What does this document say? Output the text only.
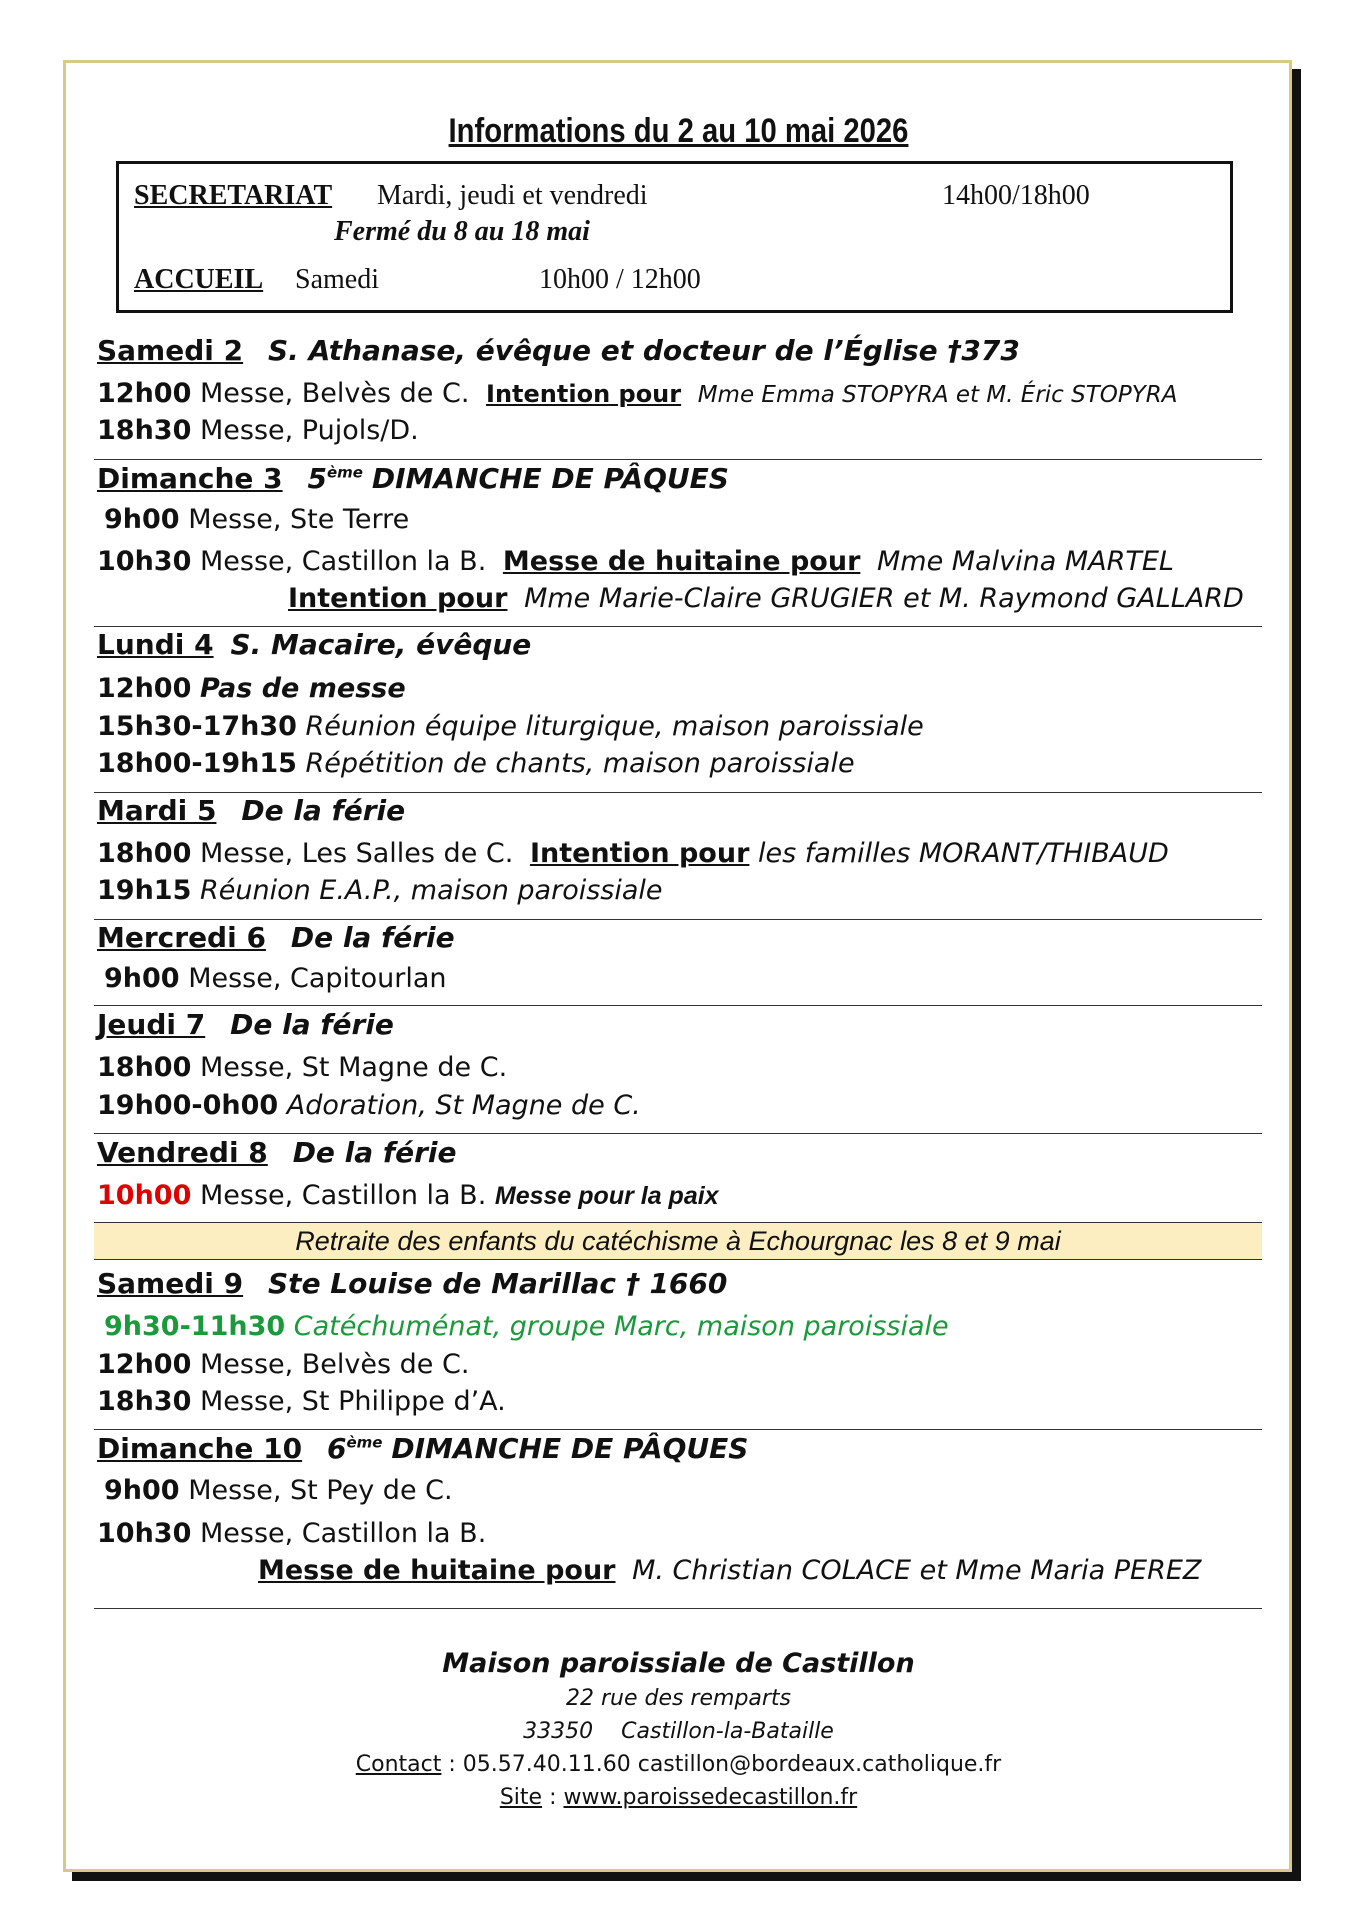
Informations du 2 au 10 mai 2026
SECRETARIAT Mardi, jeudi et vendredi	14h00/18h00
Fermé du 8 au 18 mai
ACCUEIL Samedi	10h00 / 12h00
Samedi 2 S. Athanase, évêque et docteur de l’Église †373
12h00 Messe, Belvès de C. Intention pour Mme Emma STOPYRA et M. Éric STOPYRA
18h30 Messe, Pujols/D.
Dimanche 3 5ème DIMANCHE DE PÂQUES
9h00 Messe, Ste Terre
10h30 Messe, Castillon la B. Messe de huitaine pour Mme Malvina MARTEL
Intention pour Mme Marie-Claire GRUGIER et M. Raymond GALLARD
Lundi 4 S. Macaire, évêque
12h00 Pas de messe
15h30-17h30 Réunion équipe liturgique, maison paroissiale
18h00-19h15 Répétition de chants, maison paroissiale
Mardi 5 De la férie
18h00 Messe, Les Salles de C. Intention pour les familles MORANT/THIBAUD
19h15 Réunion E.A.P., maison paroissiale
Mercredi 6 De la férie
9h00 Messe, Capitourlan
Jeudi 7 De la férie
18h00 Messe, St Magne de C.
19h00-0h00 Adoration, St Magne de C.
Vendredi 8 De la férie
10h00 Messe, Castillon la B. Messe pour la paix
Retraite des enfants du catéchisme à Echourgnac les 8 et 9 mai
Samedi 9 Ste Louise de Marillac † 1660
9h30-11h30 Catéchuménat, groupe Marc, maison paroissiale
12h00 Messe, Belvès de C.
18h30 Messe, St Philippe d’A.
Dimanche 10 6ème DIMANCHE DE PÂQUES
9h00 Messe, St Pey de C.
10h30 Messe, Castillon la B.
Messe de huitaine pour M. Christian COLACE et Mme Maria PEREZ
Maison paroissiale de Castillon
22 rue des remparts
33350 Castillon-la-Bataille
Contact : 05.57.40.11.60 castillon@bordeaux.catholique.fr
Site : www.paroissedecastillon.fr
